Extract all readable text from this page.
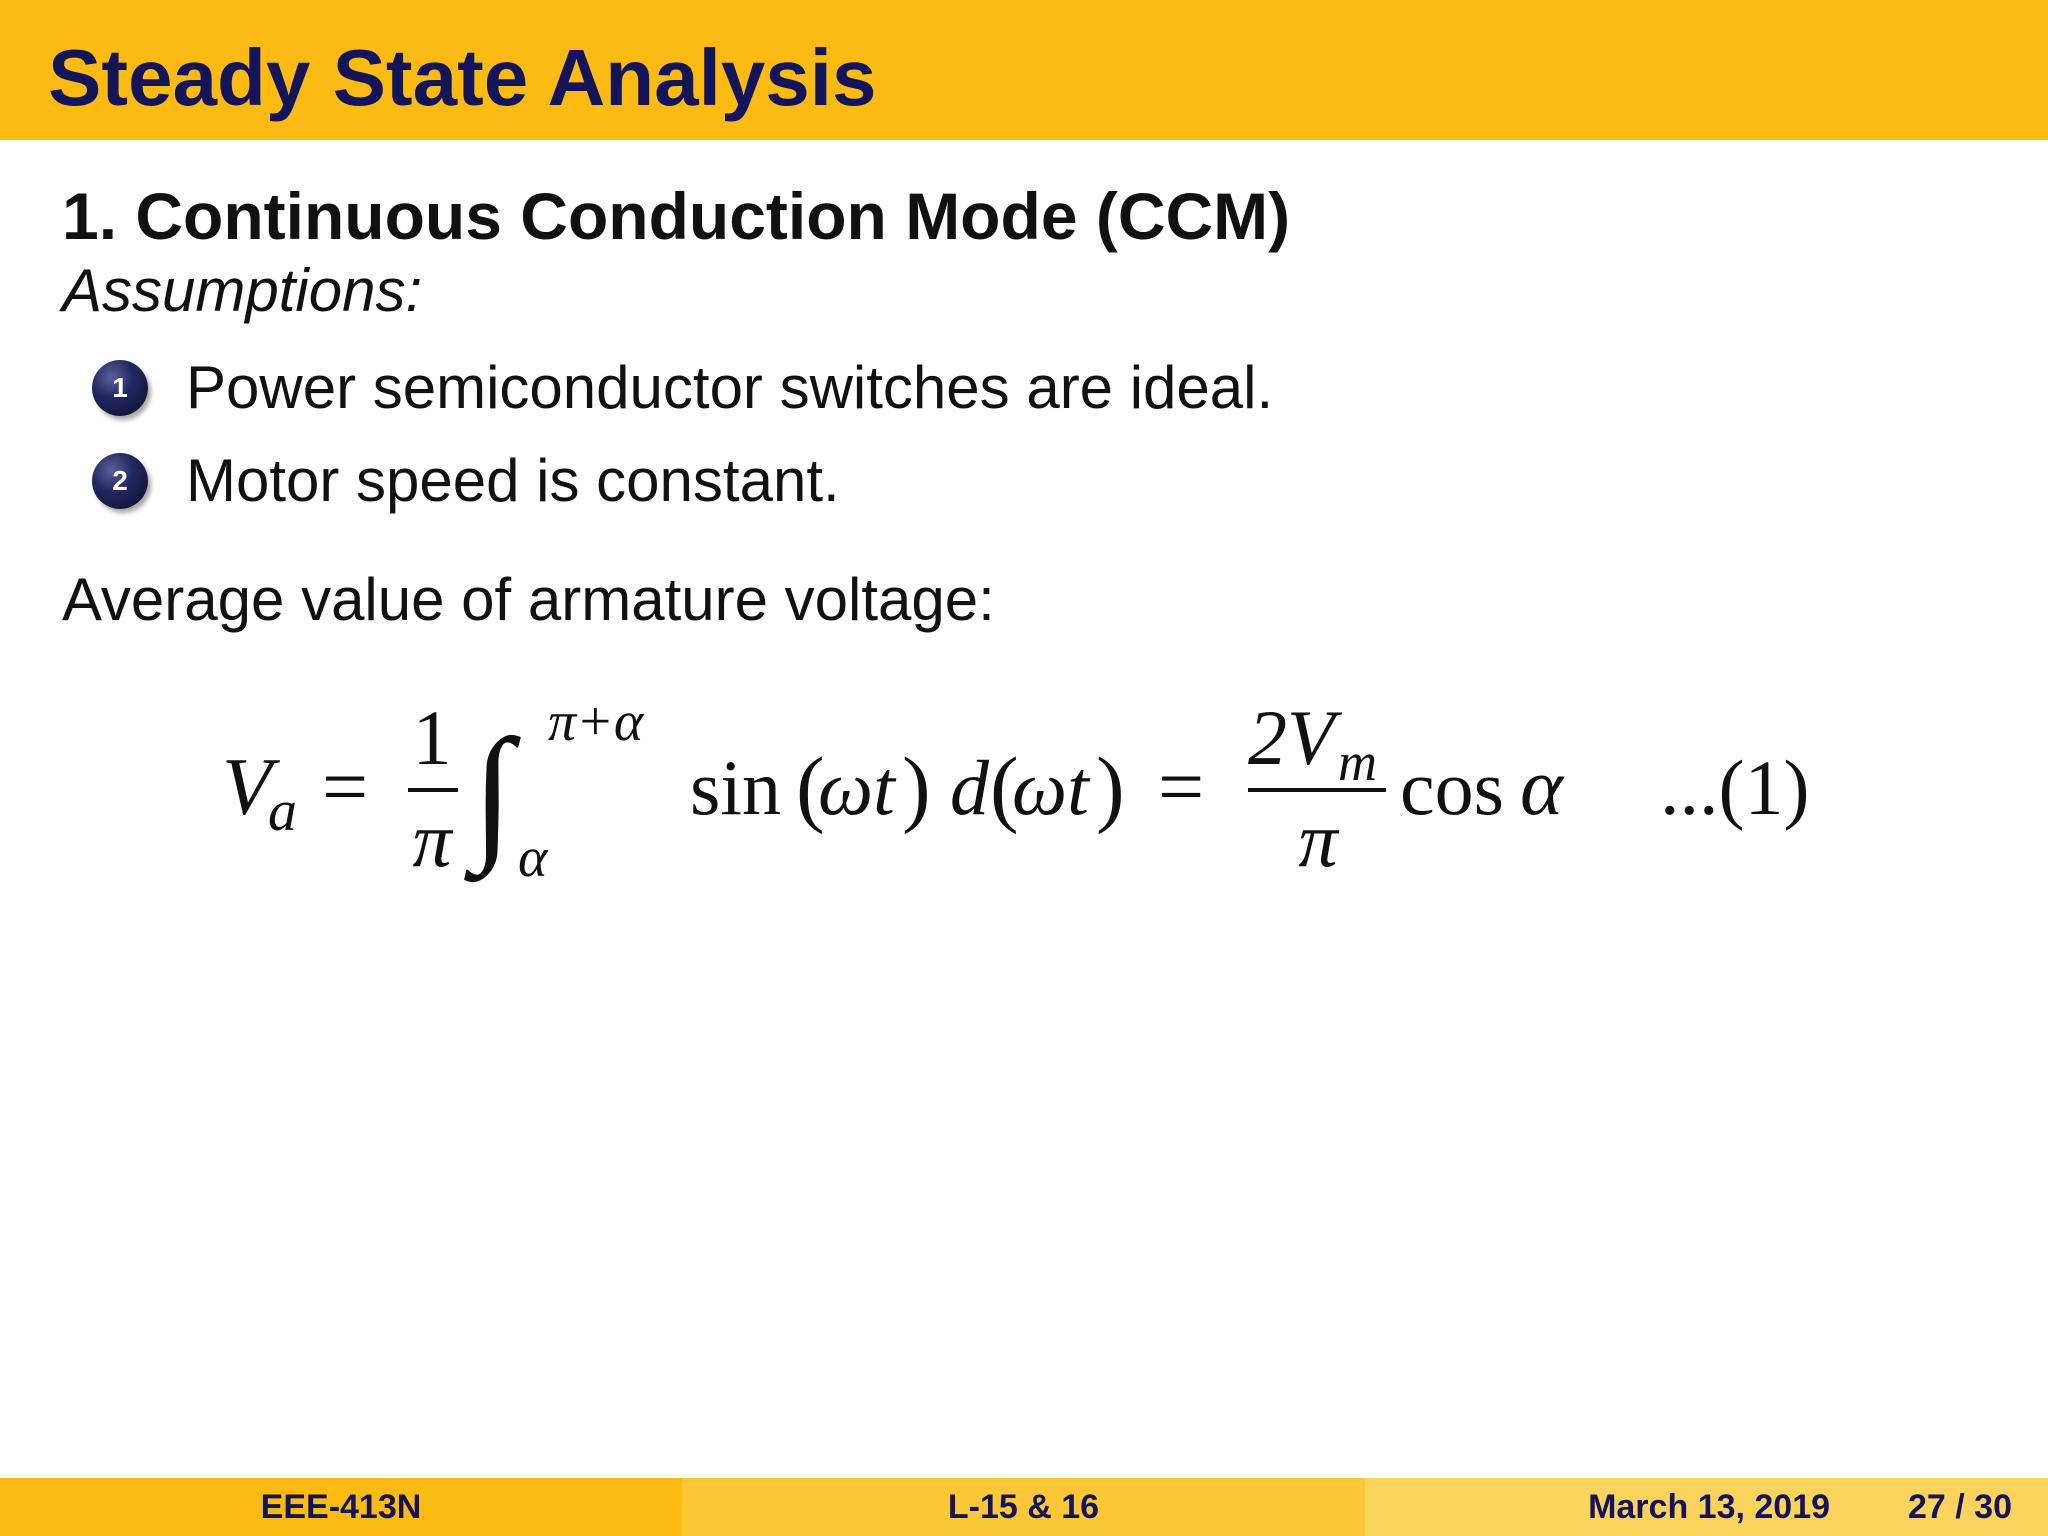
Steady State Analysis
1. Continuous Conduction Mode (CCM)
Assumptions:
1 Power semiconductor switches are ideal.
2 Motor speed is constant.
Average value of armature voltage:
V
a =
1
π ∫ π+α
α
sin (
ωt ) d (
ωt ) =
2V m
π
cos α ...(1)
EEE-413N	L-15 & 16	March 13, 2019 27 / 30
